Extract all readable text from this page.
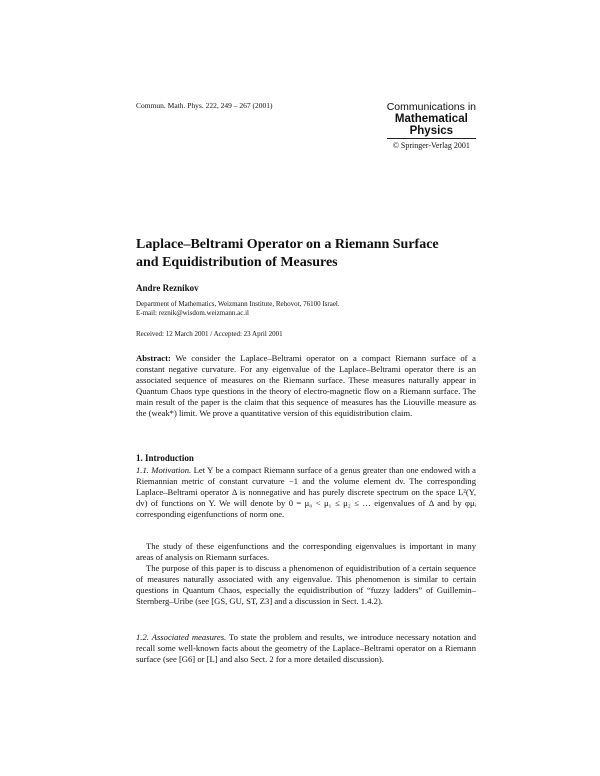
Commun. Math. Phys. 222, 249 – 267 (2001)	Communications in
Mathematical
Physics
© Springer-Verlag 2001
Laplace–Beltrami Operator on a Riemann Surface
and Equidistribution of Measures
Andre Reznikov
Department of Mathematics, Weizmann Institute, Rehovot, 76100 Israel.
E-mail: reznik@wisdom.weizmann.ac.il
Received: 12 March 2001 / Accepted: 23 April 2001
Abstract: We consider the Laplace–Beltrami operator on a compact Riemann surface of a constant negative curvature. For any eigenvalue of the Laplace–Beltrami operator there is an associated sequence of measures on the Riemann surface. These measures naturally appear in Quantum Chaos type questions in the theory of electro-magnetic flow on a Riemann surface. The main result of the paper is the claim that this sequence of measures has the Liouville measure as the (weak*) limit. We prove a quantitative version of this equidistribution claim.
1. Introduction
1.1. Motivation. Let Y be a compact Riemann surface of a genus greater than one endowed with a Riemannian metric of constant curvature −1 and the volume element dv. The corresponding Laplace–Beltrami operator Δ is nonnegative and has purely discrete spectrum on the space L²(Y, dv) of functions on Y. We will denote by 0 = μ₀ < μ₁ ≤ μ₂ ≤ … eigenvalues of Δ and by φμᵢ corresponding eigenfunctions of norm one.
The study of these eigenfunctions and the corresponding eigenvalues is important in many areas of analysis on Riemann surfaces.
The purpose of this paper is to discuss a phenomenon of equidistribution of a certain sequence of measures naturally associated with any eigenvalue. This phenomenon is similar to certain questions in Quantum Chaos, especially the equidistribution of “fuzzy ladders” of Guillemin–Sternberg–Uribe (see [GS, GU, ST, Z3] and a discussion in Sect. 1.4.2).
1.2. Associated measures. To state the problem and results, we introduce necessary notation and recall some well-known facts about the geometry of the Laplace–Beltrami operator on a Riemann surface (see [G6] or [L] and also Sect. 2 for a more detailed discussion).
